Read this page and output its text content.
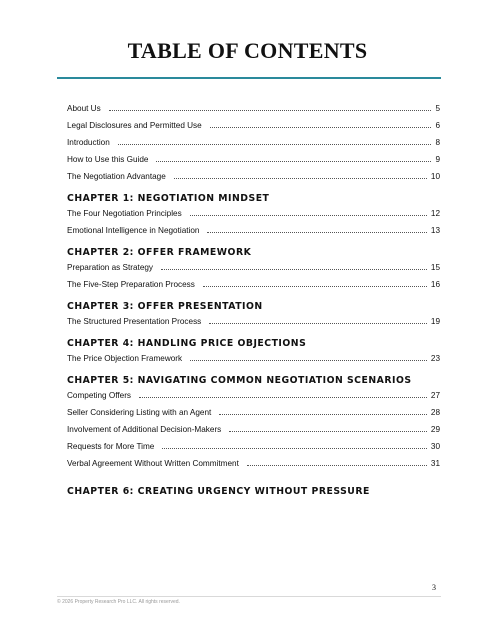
TABLE OF CONTENTS
About Us	5
Legal Disclosures and Permitted Use	6
Introduction	8
How to Use this Guide	9
The Negotiation Advantage	10
CHAPTER 1: NEGOTIATION MINDSET
The Four Negotiation Principles	12
Emotional Intelligence in Negotiation	13
CHAPTER 2: OFFER FRAMEWORK
Preparation as Strategy	15
The Five-Step Preparation Process	16
CHAPTER 3: OFFER PRESENTATION
The Structured Presentation Process	19
CHAPTER 4: HANDLING PRICE OBJECTIONS
The Price Objection Framework	23
CHAPTER 5: NAVIGATING COMMON NEGOTIATION SCENARIOS
Competing Offers	27
Seller Considering Listing with an Agent	28
Involvement of Additional Decision-Makers	29
Requests for More Time	30
Verbal Agreement Without Written Commitment	31
CHAPTER 6: CREATING URGENCY WITHOUT PRESSURE
3
© 2026 Property Research Pro LLC. All rights reserved.
